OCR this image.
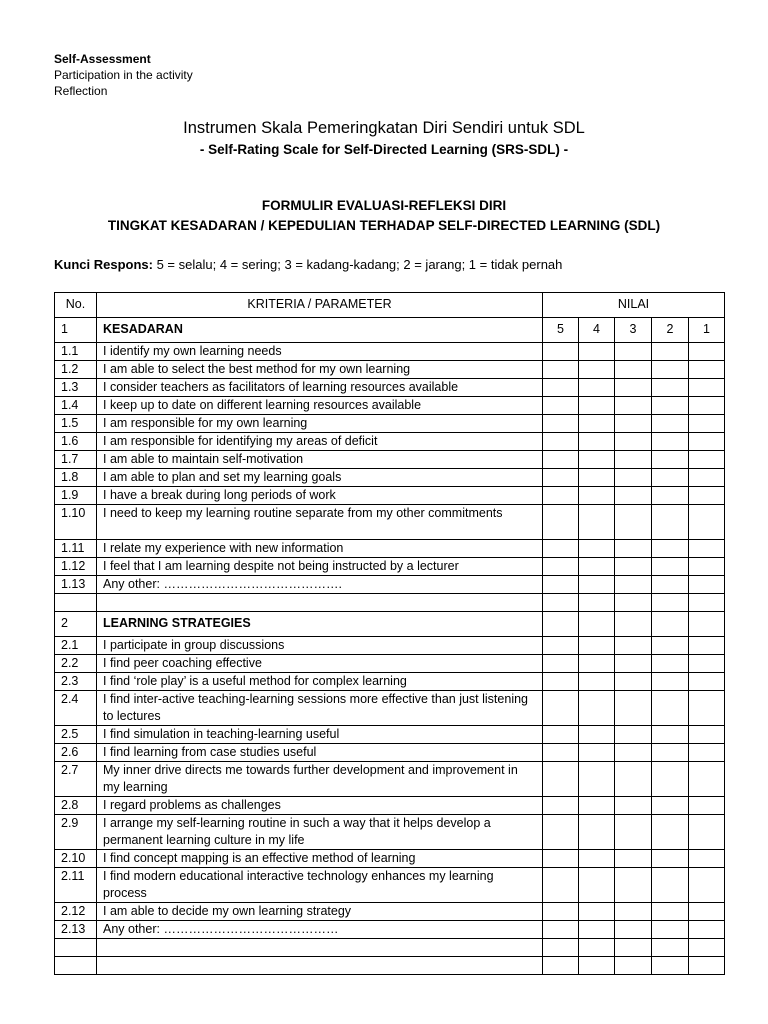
Self-Assessment
Participation in the activity
Reflection
Instrumen Skala Pemeringkatan Diri Sendiri untuk SDL
- Self-Rating Scale for Self-Directed Learning (SRS-SDL) -
FORMULIR EVALUASI-REFLEKSI DIRI
TINGKAT KESADARAN / KEPEDULIAN TERHADAP SELF-DIRECTED LEARNING (SDL)
Kunci Respons: 5 = selalu; 4 = sering; 3 = kadang-kadang; 2 = jarang; 1 = tidak pernah
No.	KRITERIA / PARAMETER	NILAI				
1	KESADARAN	5	4	3	2	1
1.1	I identify my own learning needs					
1.2	I am able to select the best method for my own learning					
1.3	I consider teachers as facilitators of learning resources available					
1.4	I keep up to date on different learning resources available					
1.5	I am responsible for my own learning					
1.6	I am responsible for identifying my areas of deficit					
1.7	I am able to maintain self-motivation					
1.8	I am able to plan and set my learning goals					
1.9	I have a break during long periods of work					
1.10	I need to keep my learning routine separate from my other commitments					
1.11	I relate my experience with new information					
1.12	I feel that I am learning despite not being instructed by a lecturer					
1.13	Any other: …………………………………….					

2	LEARNING STRATEGIES					
2.1	I participate in group discussions					
2.2	I find peer coaching effective					
2.3	I find ‘role play’ is a useful method for complex learning					
2.4	I find inter-active teaching-learning sessions more effective than just listening to lectures					
2.5	I find simulation in teaching-learning useful					
2.6	I find learning from case studies useful					
2.7	My inner drive directs me towards further development and improvement in my learning					
2.8	I regard problems as challenges					
2.9	I arrange my self-learning routine in such a way that it helps develop a permanent learning culture in my life					
2.10	I find concept mapping is an effective method of learning					
2.11	I find modern educational interactive technology enhances my learning process					
2.12	I am able to decide my own learning strategy					
2.13	Any other: ……………………………………					
